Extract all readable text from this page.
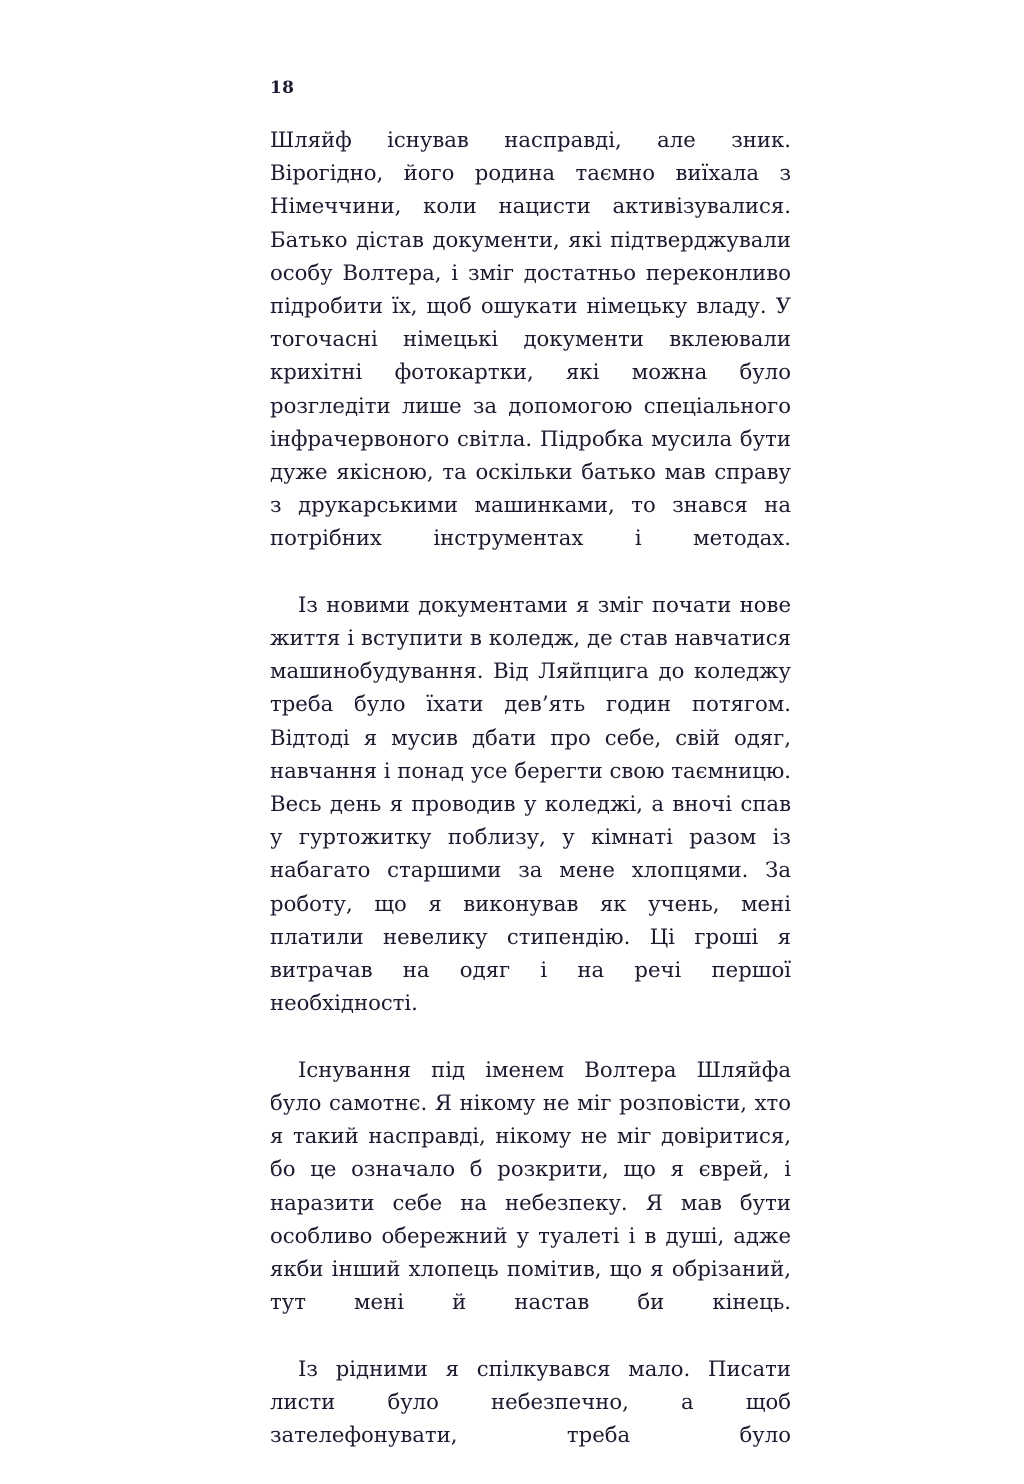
18

Шляйф існував насправді, але зник. Вірогідно, його родина таємно виїхала з Німеччини, коли нацисти активізувалися. Батько дістав документи, які підтверджували особу Волтера, і зміг достатньо переконливо підробити їх, щоб ошукати німецьку владу. У тогочасні німецькі документи вклеювали крихітні фотокартки, які можна було розгледіти лише за допомогою спеціального інфрачервоного світла. Підробка мусила бути дуже якісною, та оскільки батько мав справу з друкарськими машинками, то знався на потрібних інструментах і методах.

Із новими документами я зміг почати нове життя і вступити в коледж, де став навчатися машинобудування. Від Ляйпцига до коледжу треба було їхати дев’ять годин потягом. Відтоді я мусив дбати про себе, свій одяг, навчання і понад усе берегти свою таємницю. Весь день я проводив у коледжі, а вночі спав у гуртожитку поблизу, у кімнаті разом із набагато старшими за мене хлопцями. За роботу, що я виконував як учень, мені платили невелику стипендію. Ці гроші я витрачав на одяг і на речі першої необхідності.

Існування під іменем Волтера Шляйфа було самотнє. Я нікому не міг розповісти, хто я такий насправді, нікому не міг довіритися, бо це означало б розкрити, що я єврей, і наразити себе на небезпеку. Я мав бути особливо обережний у туалеті і в душі, адже якби інший хлопець помітив, що я обрізаний, тут мені й настав би кінець.

Із рідними я спілкувався мало. Писати листи було небезпечно, а щоб зателефонувати, треба було
